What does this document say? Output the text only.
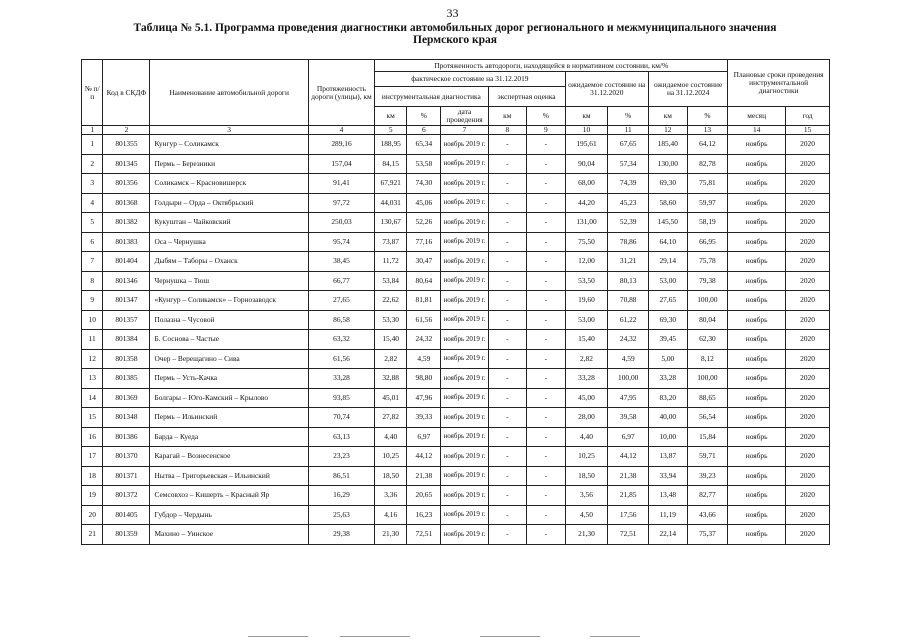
33
Таблица № 5.1. Программа проведения диагностики автомобильных дорог регионального и межмуниципального значения
Пермского края
№ п/п	Код в СКДФ	Наименование автомобильной дороги	Протяженность дороги (улицы), км	Протяженность автодороги, находящейся в нормативном состоянии, км/%									Плановые сроки проведения инструментальной диагностики	
				фактическое состояние на 31.12.2019					ожидаемое состояние на 31.12.2020		ожидаемое состояние на 31.12.2024			
				инструментальная диагностика			экспертная оценка							
				км	%	дата проведения	км	%	км	%	км	%	месяц	год
1	2	3	4	5	6	7	8	9	10	11	12	13	14	15
1	801355	Кунгур – Соликамск	289,16	188,95	65,34	ноябрь 2019 г.	-	-	195,61	67,65	185,40	64,12	ноябрь	2020
2	801345	Пермь – Березники	157,04	84,15	53,58	ноябрь 2019 г.	-	-	90,04	57,34	130,00	82,78	ноябрь	2020
3	801356	Соликамск – Красновишерск	91,41	67,921	74,30	ноябрь 2019 г.	-	-	68,00	74,39	69,30	75,81	ноябрь	2020
4	801368	Голдыри – Орда – Октябрьский	97,72	44,031	45,06	ноябрь 2019 г.	-	-	44,20	45,23	58,60	59,97	ноябрь	2020
5	801382	Кукуштан – Чайковский	250,03	130,67	52,26	ноябрь 2019 г.	-	-	131,00	52,39	145,50	58,19	ноябрь	2020
6	801383	Оса – Чернушка	95,74	73,87	77,16	ноябрь 2019 г.	-	-	75,50	78,86	64,10	66,95	ноябрь	2020
7	801404	Дыбям – Таборы – Оханск	38,45	11,72	30,47	ноябрь 2019 г.	-	-	12,00	31,21	29,14	75,78	ноябрь	2020
8	801346	Чернушка – Тюш	66,77	53,84	80,64	ноябрь 2019 г.	-	-	53,50	80,13	53,00	79,38	ноябрь	2020
9	801347	«Кунгур – Соликамск» – Горнозаводск	27,65	22,62	81,81	ноябрь 2019 г.	-	-	19,60	70,88	27,65	100,00	ноябрь	2020
10	801357	Полазна – Чусовой	86,58	53,30	61,56	ноябрь 2019 г.	-	-	53,00	61,22	69,30	80,04	ноябрь	2020
11	801384	Б. Соснова – Частые	63,32	15,40	24,32	ноябрь 2019 г.	-	-	15,40	24,32	39,45	62,30	ноябрь	2020
12	801358	Очер – Верещагино – Сива	61,56	2,82	4,59	ноябрь 2019 г.	-	-	2,82	4,59	5,00	8,12	ноябрь	2020
13	801385	Пермь – Усть-Качка	33,28	32,88	98,80	ноябрь 2019 г.	-	-	33,28	100,00	33,28	100,00	ноябрь	2020
14	801369	Болгары – Юго-Камский – Крылово	93,85	45,01	47,96	ноябрь 2019 г.	-	-	45,00	47,95	83,20	88,65	ноябрь	2020
15	801348	Пермь – Ильинский	70,74	27,82	39,33	ноябрь 2019 г.	-	-	28,00	39,58	40,00	56,54	ноябрь	2020
16	801386	Барда – Куеда	63,13	4,40	6,97	ноябрь 2019 г.	-	-	4,40	6,97	10,00	15,84	ноябрь	2020
17	801370	Карагай – Вознесенское	23,23	10,25	44,12	ноябрь 2019 г.	-	-	10,25	44,12	13,87	59,71	ноябрь	2020
18	801371	Нытва – Григорьевская – Ильинский	86,51	18,50	21,38	ноябрь 2019 г.	-	-	18,50	21,38	33,94	39,23	ноябрь	2020
19	801372	Семсовхоз – Кишерть – Красный Яр	16,29	3,36	20,65	ноябрь 2019 г.	-	-	3,56	21,85	13,48	82,77	ноябрь	2020
20	801405	Губдор – Чердынь	25,63	4,16	16,23	ноябрь 2019 г.	-	-	4,50	17,56	11,19	43,66	ноябрь	2020
21	801359	Махино – Уинское	29,38	21,30	72,51	ноябрь 2019 г.	-	-	21,30	72,51	22,14	75,37	ноябрь	2020
